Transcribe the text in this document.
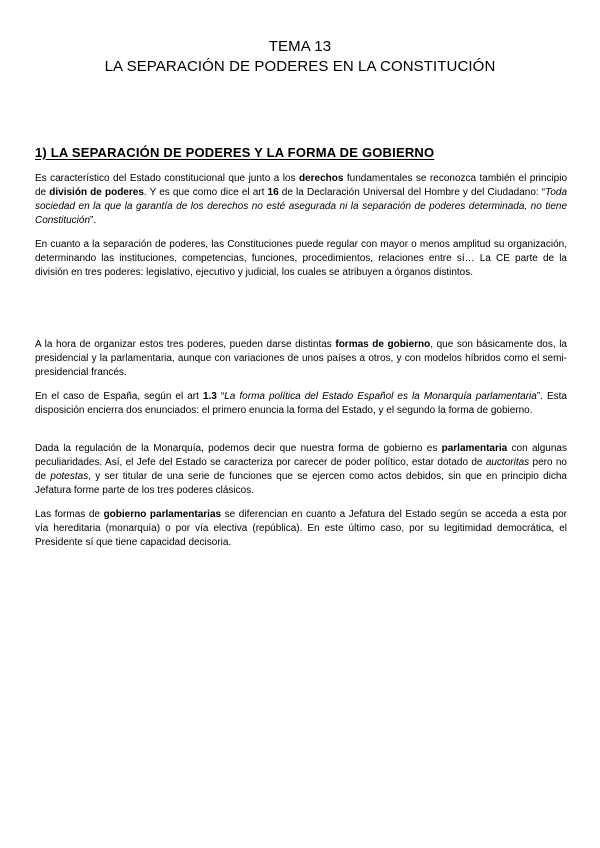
TEMA 13
LA SEPARACIÓN DE PODERES EN LA CONSTITUCIÓN
1) LA SEPARACIÓN DE PODERES Y LA FORMA DE GOBIERNO
Es característico del Estado constitucional que junto a los derechos fundamentales se reconozca también el principio de división de poderes. Y es que como dice el art 16 de la Declaración Universal del Hombre y del Ciudadano: “Toda sociedad en la que la garantía de los derechos no esté asegurada ni la separación de poderes determinada, no tiene Constitución”.
En cuanto a la separación de poderes, las Constituciones puede regular con mayor o menos amplitud su organización, determinando las instituciones, competencias, funciones, procedimientos, relaciones entre sí… La CE parte de la división en tres poderes: legislativo, ejecutivo y judicial, los cuales se atribuyen a órganos distintos.
A la hora de organizar estos tres poderes, pueden darse distintas formas de gobierno, que son básicamente dos, la presidencial y la parlamentaria, aunque con variaciones de unos países a otros, y con modelos híbridos como el semi-presidencial francés.
En el caso de España, según el art 1.3 “La forma política del Estado Español es la Monarquía parlamentaria”. Esta disposición encierra dos enunciados: el primero enuncia la forma del Estado, y el segundo la forma de gobierno.
Dada la regulación de la Monarquía, podemos decir que nuestra forma de gobierno es parlamentaria con algunas peculiaridades. Así, el Jefe del Estado se caracteriza por carecer de poder político, estar dotado de auctoritas pero no de potestas, y ser titular de una serie de funciones que se ejercen como actos debidos, sin que en principio dicha Jefatura forme parte de los tres poderes clásicos.
Las formas de gobierno parlamentarias se diferencian en cuanto a Jefatura del Estado según se acceda a esta por vía hereditaria (monarquía) o por vía electiva (república). En este último caso, por su legitimidad democrática, el Presidente sí que tiene capacidad decisoria.
